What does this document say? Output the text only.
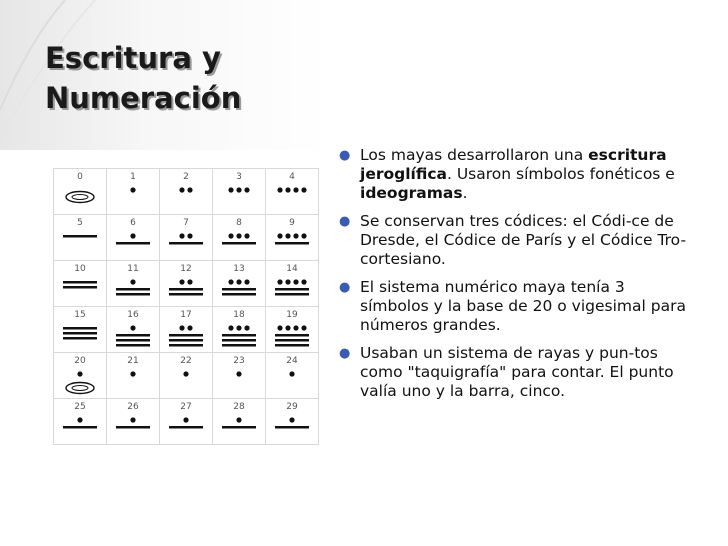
Escritura y
Numeración
0	1	2	3	4

5	6	7	8	9

10	11	12	13	14

15	16	17	18	19

20	21	22	23	24

25	26	27	28	29
● Los mayas desarrollaron una escritura jeroglífica. Usaron símbolos fonéticos e ideogramas.
● Se conservan tres códices: el Códi-ce de Dresde, el Códice de París y el Códice Tro-cortesiano.
● El sistema numérico maya tenía 3 símbolos y la base de 20 o vigesimal para números grandes.
● Usaban un sistema de rayas y pun-tos como "taquigrafía" para contar. El punto valía uno y la barra, cinco.
